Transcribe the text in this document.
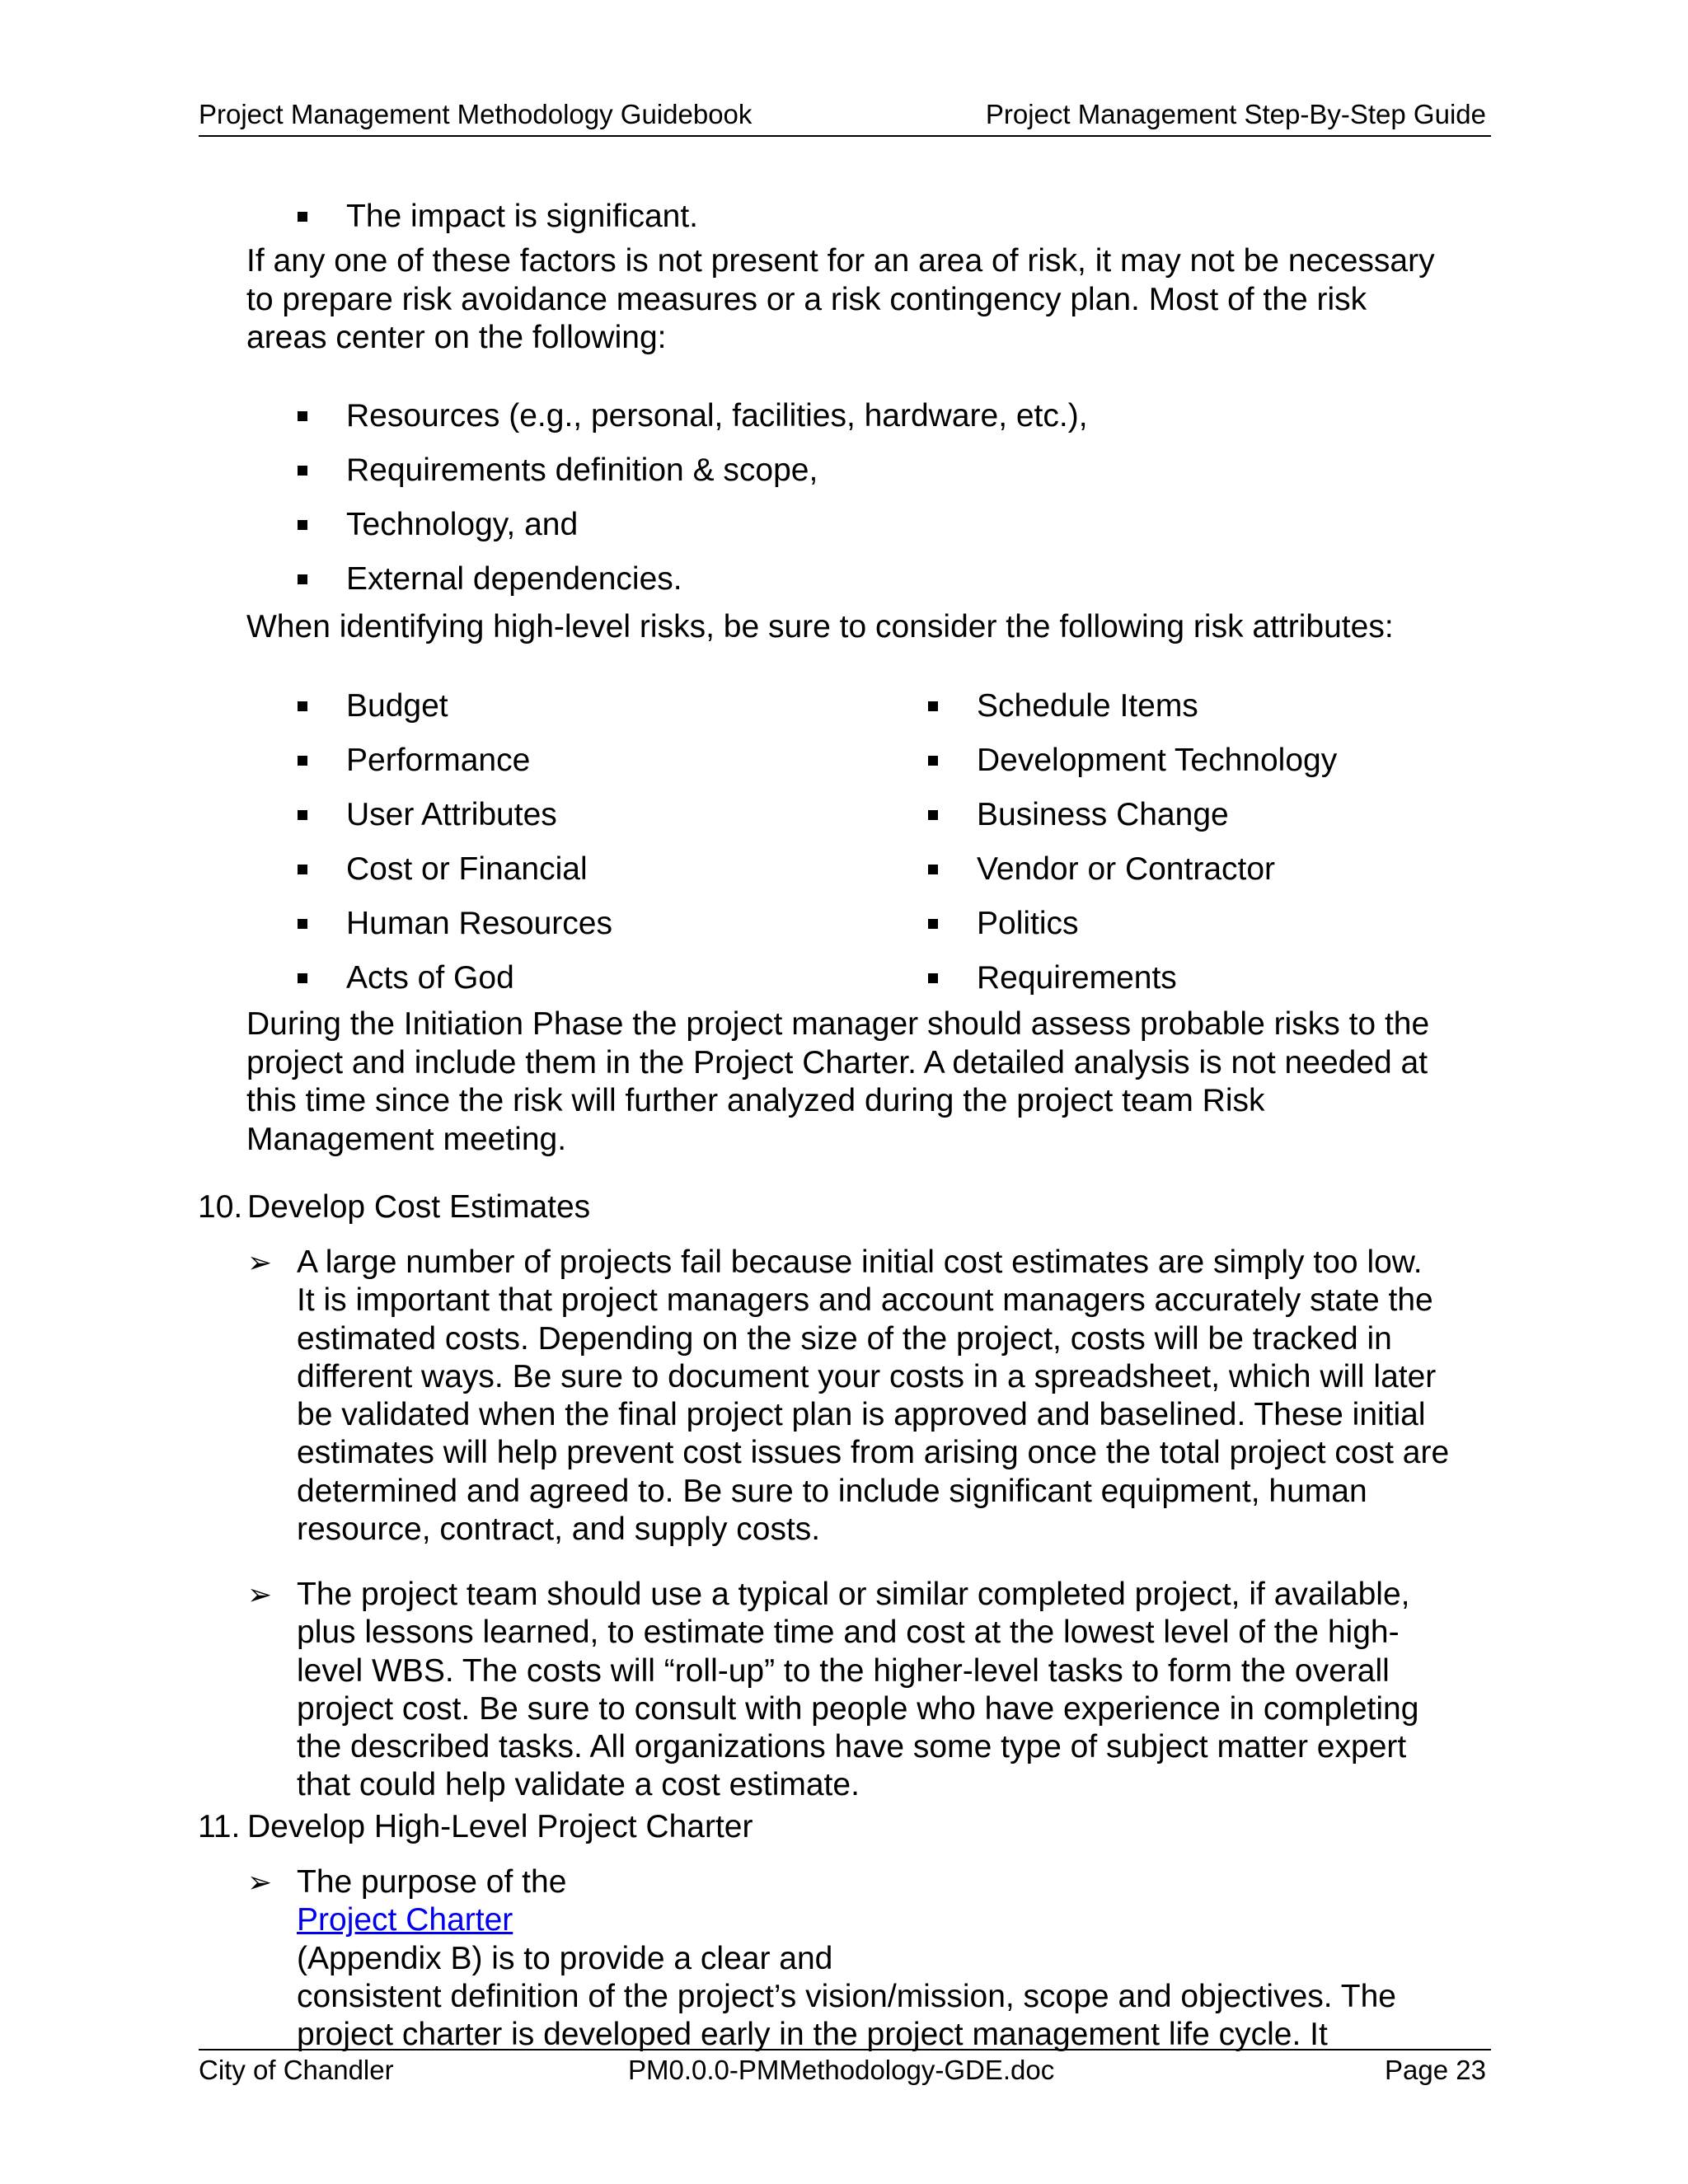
Project Management Methodology Guidebook	Project Management Step-By-Step Guide
The impact is significant.
If any one of these factors is not present for an area of risk, it may not be necessary
to prepare risk avoidance measures or a risk contingency plan. Most of the risk
areas center on the following:
Resources (e.g., personal, facilities, hardware, etc.),
Requirements definition & scope,
Technology, and
External dependencies.
When identifying high-level risks, be sure to consider the following risk attributes:
Budget
Performance
User Attributes
Cost or Financial
Human Resources
Acts of God
Schedule Items
Development Technology
Business Change
Vendor or Contractor
Politics
Requirements
During the Initiation Phase the project manager should assess probable risks to the
project and include them in the Project Charter. A detailed analysis is not needed at
this time since the risk will further analyzed during the project team Risk
Management meeting.
10. Develop Cost Estimates
➢ A large number of projects fail because initial cost estimates are simply too low.
It is important that project managers and account managers accurately state the
estimated costs. Depending on the size of the project, costs will be tracked in
different ways. Be sure to document your costs in a spreadsheet, which will later
be validated when the final project plan is approved and baselined. These initial
estimates will help prevent cost issues from arising once the total project cost are
determined and agreed to. Be sure to include significant equipment, human
resource, contract, and supply costs.
➢ The project team should use a typical or similar completed project, if available,
plus lessons learned, to estimate time and cost at the lowest level of the high-
level WBS. The costs will “roll-up” to the higher-level tasks to form the overall
project cost. Be sure to consult with people who have experience in completing
the described tasks. All organizations have some type of subject matter expert
that could help validate a cost estimate.
11. Develop High-Level Project Charter
➢ The purpose of the
Project Charter
(Appendix B) is to provide a clear and
consistent definition of the project’s vision/mission, scope and objectives. The
project charter is developed early in the project management life cycle. It
City of Chandler	PM0.0.0-PMMethodology-GDE.doc	Page 23
